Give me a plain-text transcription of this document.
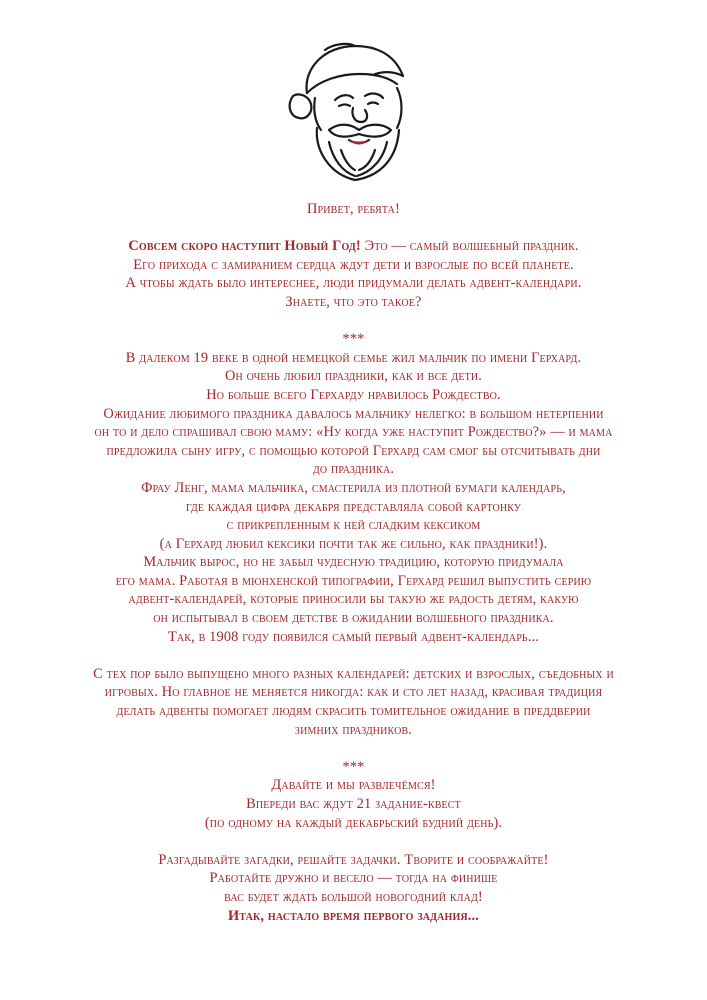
Привет, ребята!

Совсем скоро наступит Новый Год! Это — самый волшебный праздник.

Его прихода с замиранием сердца ждут дети и взрослые по всей планете.

А чтобы ждать было интереснее, люди придумали делать адвент-календари.

Знаете, что это такое?

***

В далеком 19 веке в одной немецкой семье жил мальчик по имени Герхард.

Он очень любил праздники, как и все дети.

Но больше всего Герхарду нравилось Рождество.

Ожидание любимого праздника давалось мальчику нелегко: в большом нетерпении

он то и дело спрашивал свою маму: «Ну когда уже наступит Рождество?» — и мама

предложила сыну игру, с помощью которой Герхард сам смог бы отсчитывать дни

до праздника.

Фрау Ленг, мама мальчика, смастерила из плотной бумаги календарь,

где каждая цифра декабря представляла собой картонку

с прикрепленным к ней сладким кексиком

(а Герхард любил кексики почти так же сильно, как праздники!).

Мальчик вырос, но не забыл чудесную традицию, которую придумала

его мама. Работая в мюнхенской типографии, Герхард решил выпустить серию

адвент-календарей, которые приносили бы такую же радость детям, какую

он испытывал в своем детстве в ожидании волшебного праздника.

Так, в 1908 году появился самый первый адвент-календарь...

С тех пор было выпущено много разных календарей: детских и взрослых, съедобных и

игровых. Но главное не меняется никогда: как и сто лет назад, красивая традиция

делать адвенты помогает людям скрасить томительное ожидание в преддверии

зимних праздников.

***

Давайте и мы развлечёмся!

Впереди вас ждут 21 задание-квест

(по одному на каждый декабрьский будний день).

Разгадывайте загадки, решайте задачки. Творите и соображайте!

Работайте дружно и весело — тогда на финише

вас будет ждать большой новогодний клад!

Итак, настало время первого задания...
